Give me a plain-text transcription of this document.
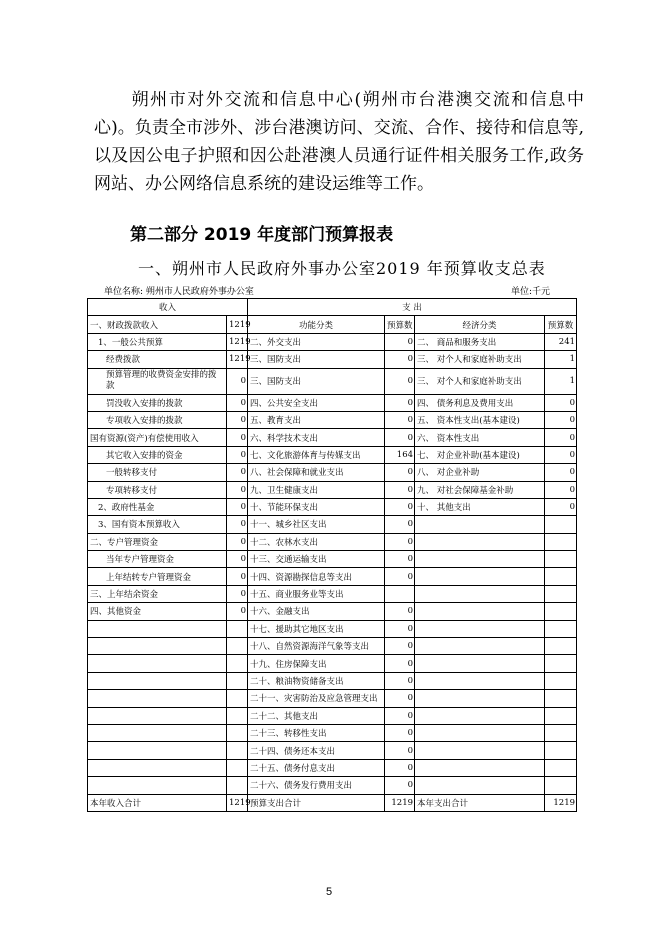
朔州市对外交流和信息中心(朔州市台港澳交流和信息中心)。负责全市涉外、涉台港澳访问、交流、合作、接待和信息等,以及因公电子护照和因公赴港澳人员通行证件相关服务工作,政务网站、办公网络信息系统的建设运维等工作。
第二部分 2019 年度部门预算报表
一、朔州市人民政府外事办公室2019 年预算收支总表
单位名称: 朔州市人民政府外事办公室	单位:千元
收入		支 出			
一、财政拨款收入	1219	功能分类	预算数	经济分类	预算数
1、一般公共预算	1219	二、外交支出	0	二、 商品和服务支出	241
经费拨款	1219	三、国防支出	0	三、 对个人和家庭补助支出	1
预算管理的收费资金安排的拨款	0	三、国防支出	0	三、 对个人和家庭补助支出	1
罚没收入安排的拨款	0	四、公共安全支出	0	四、 债务利息及费用支出	0
专项收入安排的拨款	0	五、教育支出	0	五、 资本性支出(基本建设)	0
国有资源(资产)有偿使用收入	0	六、科学技术支出	0	六、 资本性支出	0
其它收入安排的资金	0	七、文化旅游体育与传媒支出	164	七、 对企业补助(基本建设)	0
一般转移支付	0	八、社会保障和就业支出	0	八、 对企业补助	0
专项转移支付	0	九、卫生健康支出	0	九、 对社会保障基金补助	0
2、政府性基金	0	十、节能环保支出	0	十、 其他支出	0
3、国有资本预算收入	0	十一、城乡社区支出	0		
二、专户管理资金	0	十二、农林水支出	0		
当年专户管理资金	0	十三、交通运输支出	0		
上年结转专户管理资金	0	十四、资源勘探信息等支出	0		
三、上年结余资金	0	十五、商业服务业等支出			
四、其他资金	0	十六、金融支出	0		
		十七、援助其它地区支出	0		
		十八、自然资源海洋气象等支出	0		
		十九、住房保障支出	0		
		二十、粮油物资储备支出	0		
		二十一、灾害防治及应急管理支出	0		
		二十二、其他支出	0		
		二十三、转移性支出	0		
		二十四、债务还本支出	0		
		二十五、债务付息支出	0		
		二十六、债务发行费用支出	0		
本年收入合计	1219	预算支出合计	1219	本年支出合计	1219
5
